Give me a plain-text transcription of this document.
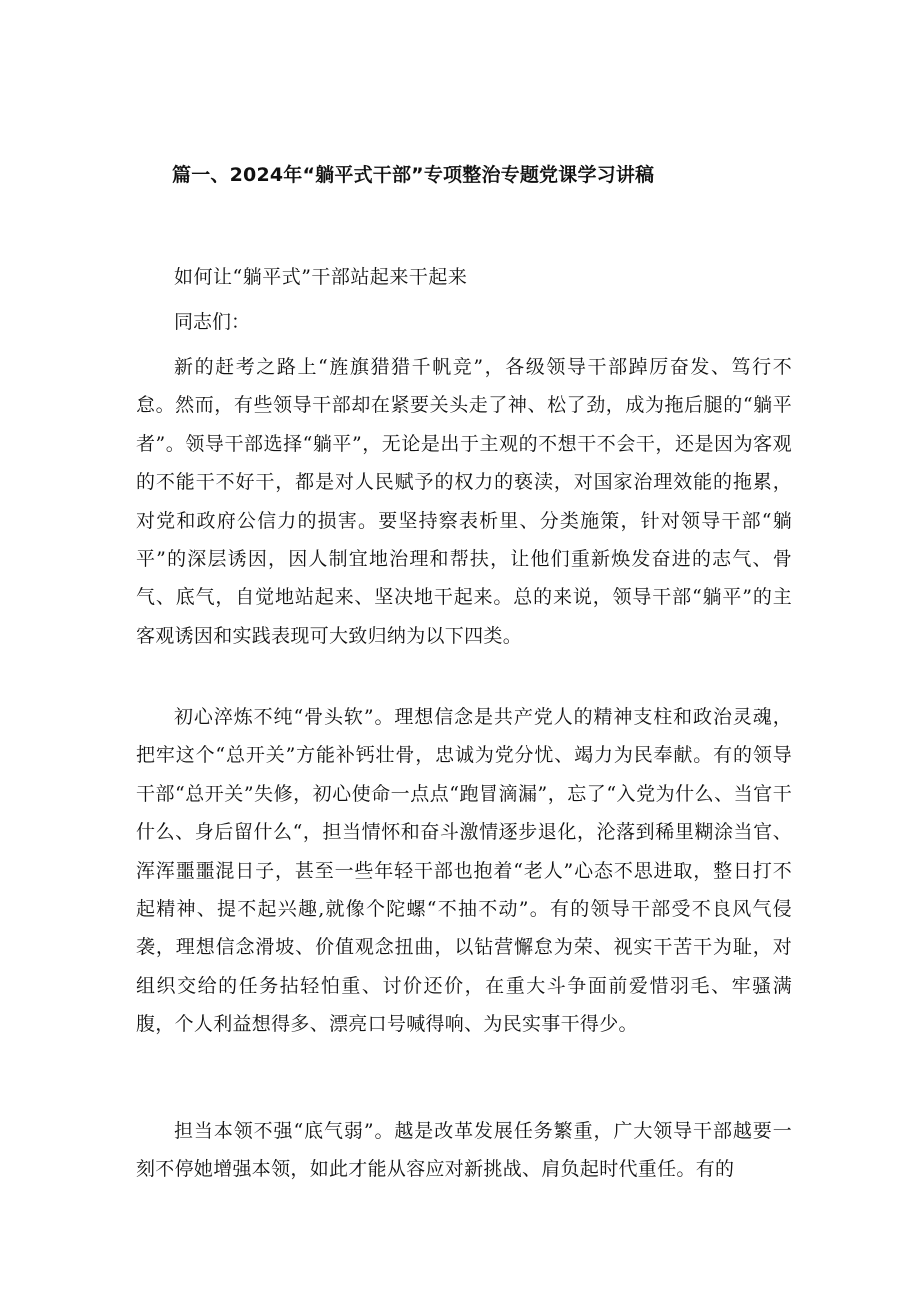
篇一、2024年“躺平式干部”专项整治专题党课学习讲稿

如何让“躺平式”干部站起来干起来

同志们：

新的赶考之路上“旌旗猎猎千帆竞”，各级领导干部踔厉奋发、笃行不怠。然而，有些领导干部却在紧要关头走了神、松了劲，成为拖后腿的“躺平者”。领导干部选择“躺平”，无论是出于主观的不想干不会干，还是因为客观的不能干不好干，都是对人民赋予的权力的亵渎，对国家治理效能的拖累，对党和政府公信力的损害。要坚持察表析里、分类施策，针对领导干部“躺平”的深层诱因，因人制宜地治理和帮扶，让他们重新焕发奋进的志气、骨气、底气，自觉地站起来、坚决地干起来。总的来说，领导干部“躺平”的主客观诱因和实践表现可大致归纳为以下四类。

初心淬炼不纯“骨头软”。理想信念是共产党人的精神支柱和政治灵魂，把牢这个“总开关”方能补钙壮骨，忠诚为党分忧、竭力为民奉献。有的领导干部“总开关”失修，初心使命一点点“跑冒滴漏”，忘了“入党为什么、当官干什么、身后留什么“，担当情怀和奋斗激情逐步退化，沦落到稀里糊涂当官、浑浑噩噩混日子，甚至一些年轻干部也抱着“老人”心态不思进取，整日打不起精神、提不起兴趣,就像个陀螺“不抽不动”。有的领导干部受不良风气侵袭，理想信念滑坡、价值观念扭曲，以钻营懈怠为荣、视实干苦干为耻，对组织交给的任务拈轻怕重、讨价还价，在重大斗争面前爱惜羽毛、牢骚满腹，个人利益想得多、漂亮口号喊得响、为民实事干得少。

担当本领不强“底气弱”。越是改革发展任务繁重，广大领导干部越要一刻不停她增强本领，如此才能从容应对新挑战、肩负起时代重任。有的
